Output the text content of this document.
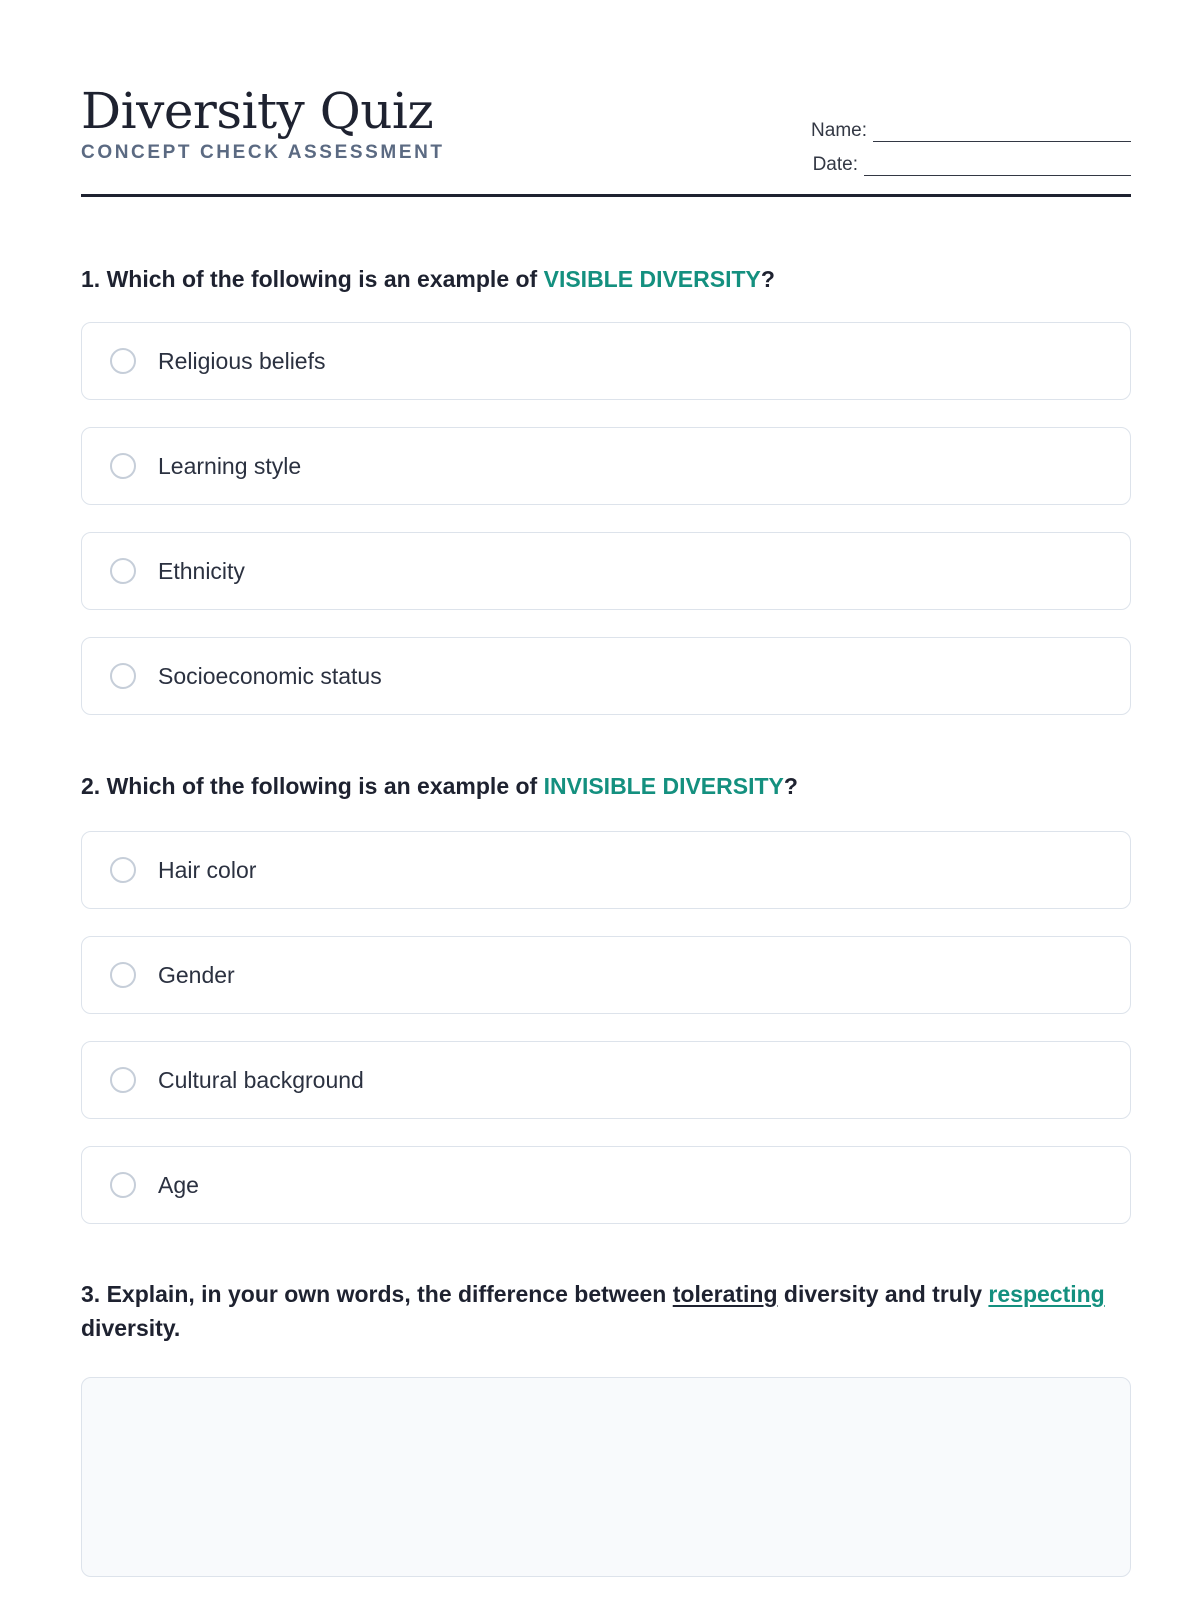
Diversity Quiz

CONCEPT CHECK ASSESSMENT

Name:
Date:

1. Which of the following is an example of VISIBLE DIVERSITY?

Religious beliefs
Learning style
Ethnicity
Socioeconomic status

2. Which of the following is an example of INVISIBLE DIVERSITY?

Hair color
Gender
Cultural background
Age

3. Explain, in your own words, the difference between tolerating diversity and truly respecting diversity.
